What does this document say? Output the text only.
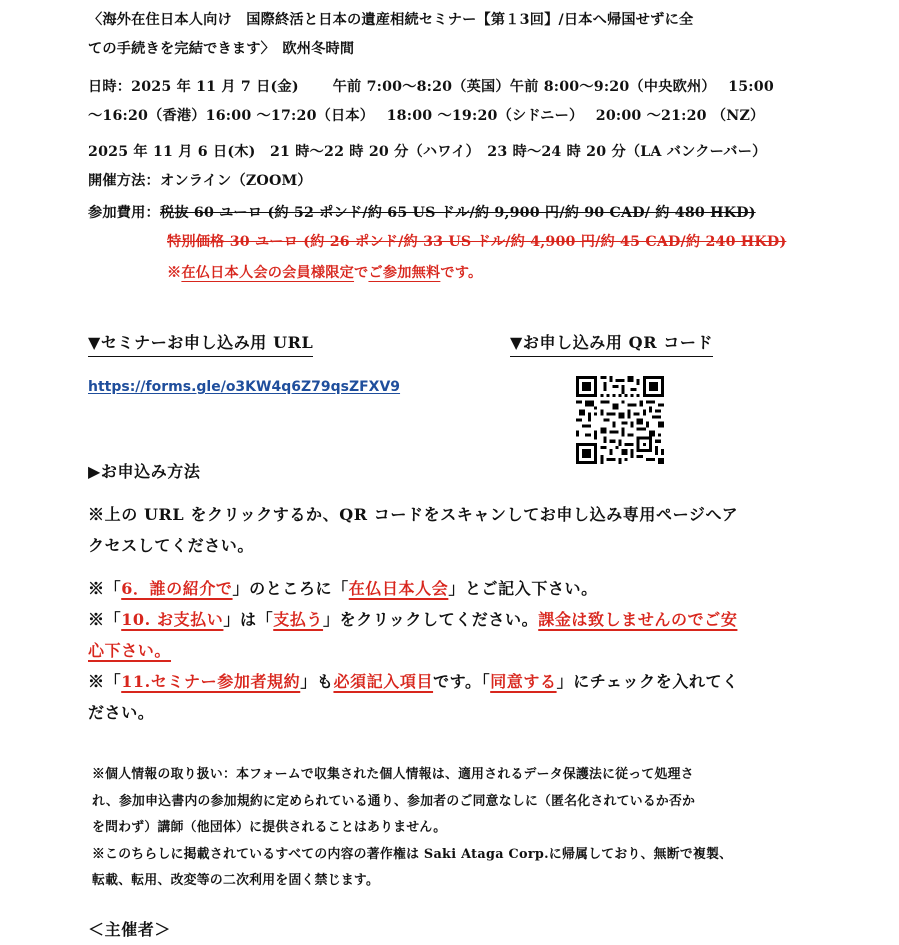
〈海外在住日本人向け　国際終活と日本の遺産相続セミナー【第１3回】/日本へ帰国せずに全
ての手続きを完結できます〉　欧州冬時間
日時：2025 年 11 月 7 日(金)　　 午前 7:00〜8:20（英国）午前 8:00〜9:20（中央欧州）　 15:00
〜16:20（香港）16:00 〜17:20（日本）　 18:00 〜19:20（シドニー）　 20:00 〜21:20 （NZ）
2025 年 11 月 6 日(木)　21 時〜22 時 20 分（ハワイ）　23 時〜24 時 20 分（LA バンクーバー）
開催方法：オンライン（ZOOM）
参加費用：税抜 60 ユーロ (約 52 ポンド/約 65 US ドル/約 9,900 円/約 90 CAD/ 約 480 HKD)
特別価格 30 ユーロ (約 26 ポンド/約 33 US ドル/約 4,900 円/約 45 CAD/約 240 HKD)
※在仏日本人会の会員様限定でご参加無料です。
▼セミナーお申し込み用 URL	▼お申し込み用 QR コード
https://forms.gle/o3KW4q6Z79qsZFXV9
▶お申込み方法
※上の URL をクリックするか、QR コードをスキャンしてお申し込み専用ページへア
クセスしてください。
※「6．誰の紹介で」のところに「在仏日本人会」とご記入下さい。
※「10. お支払い」は「支払う」をクリックしてください。課金は致しませんのでご安
心下さい。
※「11.セミナー参加者規約」も必須記入項目です。「同意する」にチェックを入れてく
ださい。
※個人情報の取り扱い：本フォームで収集された個人情報は、適用されるデータ保護法に従って処理さ
れ、参加申込書内の参加規約に定められている通り、参加者のご同意なしに（匿名化されているか否か
を問わず）講師（他団体）に提供されることはありません。
※このちらしに掲載されているすべての内容の著作権は Saki Ataga Corp.に帰属しており、無断で複製、
転載、転用、改変等の二次利用を固く禁じます。
＜主催者＞
